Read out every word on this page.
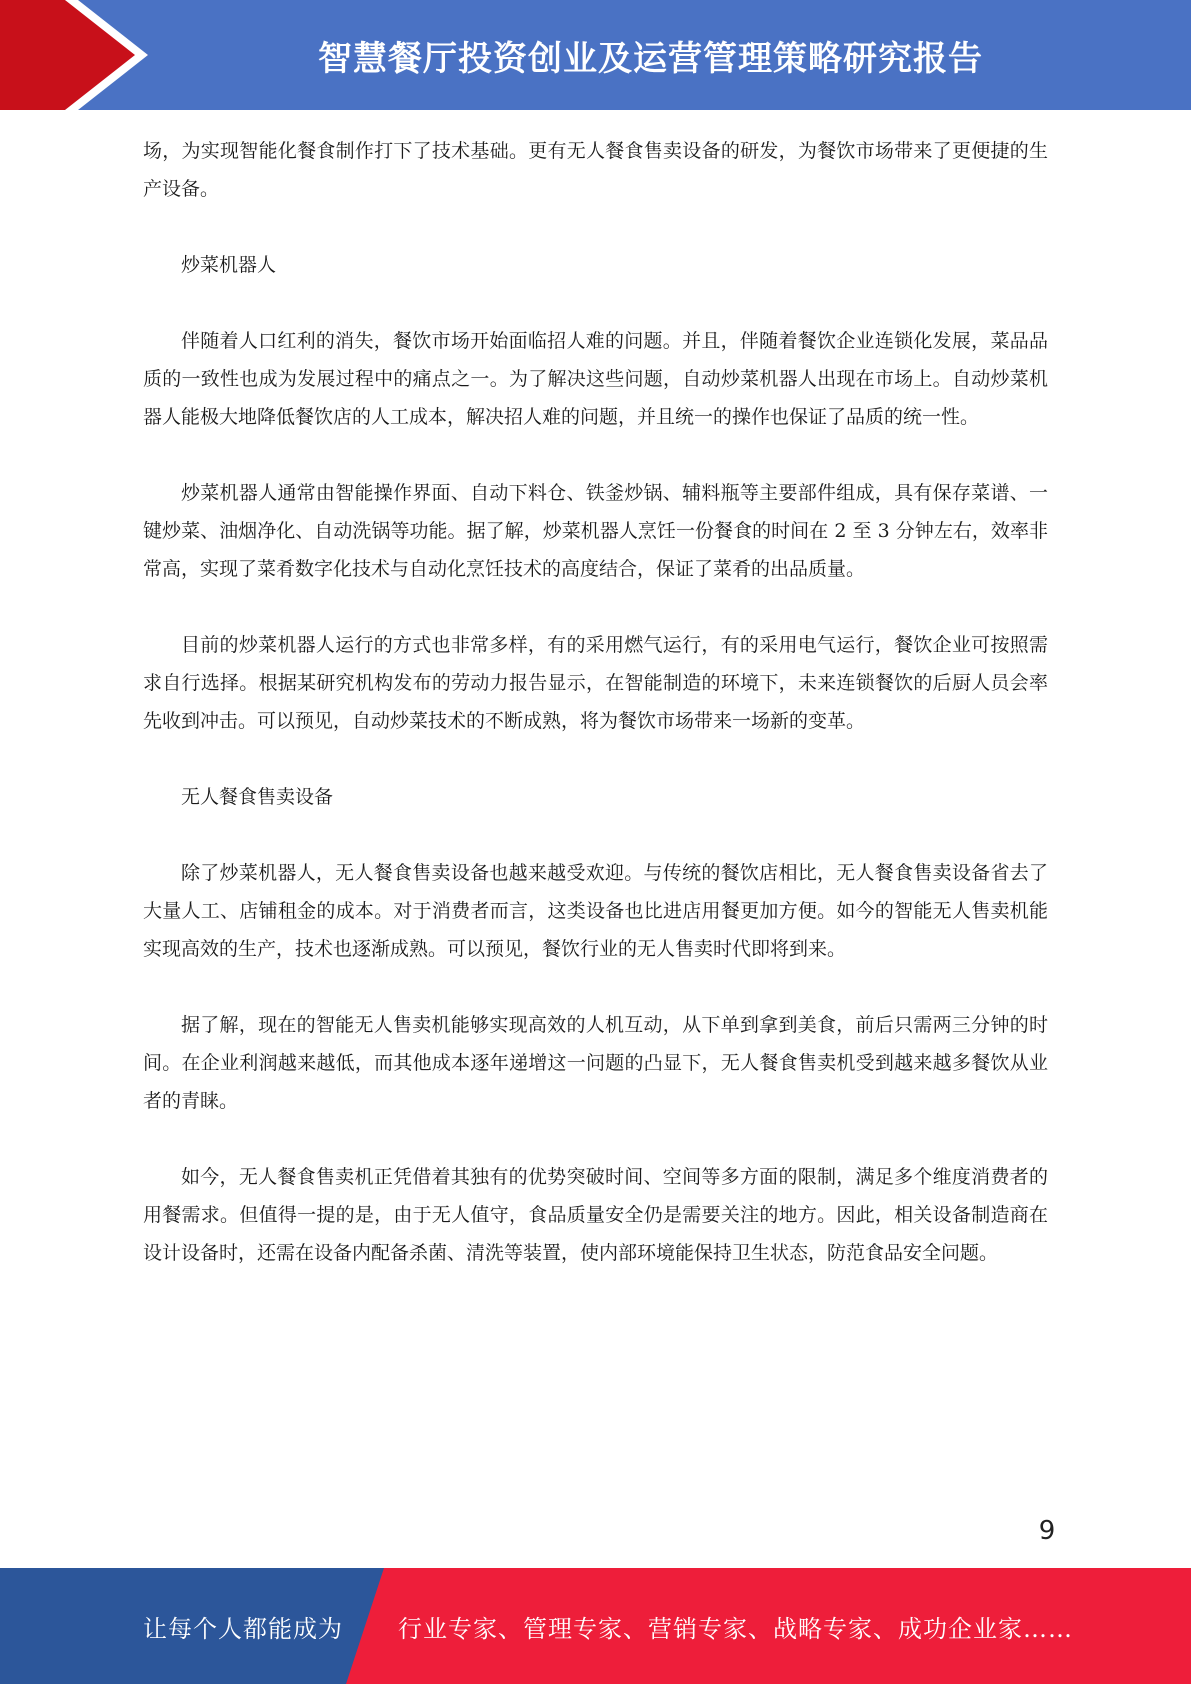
智慧餐厅投资创业及运营管理策略研究报告

场，为实现智能化餐食制作打下了技术基础。更有无人餐食售卖设备的研发，为餐饮市场带来了更便捷的生产设备。

炒菜机器人

伴随着人口红利的消失，餐饮市场开始面临招人难的问题。并且，伴随着餐饮企业连锁化发展，菜品品质的一致性也成为发展过程中的痛点之一。为了解决这些问题，自动炒菜机器人出现在市场上。自动炒菜机器人能极大地降低餐饮店的人工成本，解决招人难的问题，并且统一的操作也保证了品质的统一性。

炒菜机器人通常由智能操作界面、自动下料仓、铁釜炒锅、辅料瓶等主要部件组成，具有保存菜谱、一键炒菜、油烟净化、自动洗锅等功能。据了解，炒菜机器人烹饪一份餐食的时间在 2 至 3 分钟左右，效率非常高，实现了菜肴数字化技术与自动化烹饪技术的高度结合，保证了菜肴的出品质量。

目前的炒菜机器人运行的方式也非常多样，有的采用燃气运行，有的采用电气运行，餐饮企业可按照需求自行选择。根据某研究机构发布的劳动力报告显示，在智能制造的环境下，未来连锁餐饮的后厨人员会率先收到冲击。可以预见，自动炒菜技术的不断成熟，将为餐饮市场带来一场新的变革。

无人餐食售卖设备

除了炒菜机器人，无人餐食售卖设备也越来越受欢迎。与传统的餐饮店相比，无人餐食售卖设备省去了大量人工、店铺租金的成本。对于消费者而言，这类设备也比进店用餐更加方便。如今的智能无人售卖机能实现高效的生产，技术也逐渐成熟。可以预见，餐饮行业的无人售卖时代即将到来。

据了解，现在的智能无人售卖机能够实现高效的人机互动，从下单到拿到美食，前后只需两三分钟的时间。在企业利润越来越低，而其他成本逐年递增这一问题的凸显下，无人餐食售卖机受到越来越多餐饮从业者的青睐。

如今，无人餐食售卖机正凭借着其独有的优势突破时间、空间等多方面的限制，满足多个维度消费者的用餐需求。但值得一提的是，由于无人值守，食品质量安全仍是需要关注的地方。因此，相关设备制造商在设计设备时，还需在设备内配备杀菌、清洗等装置，使内部环境能保持卫生状态，防范食品安全问题。

9
让每个人都能成为 行业专家、管理专家、营销专家、战略专家、成功企业家……
